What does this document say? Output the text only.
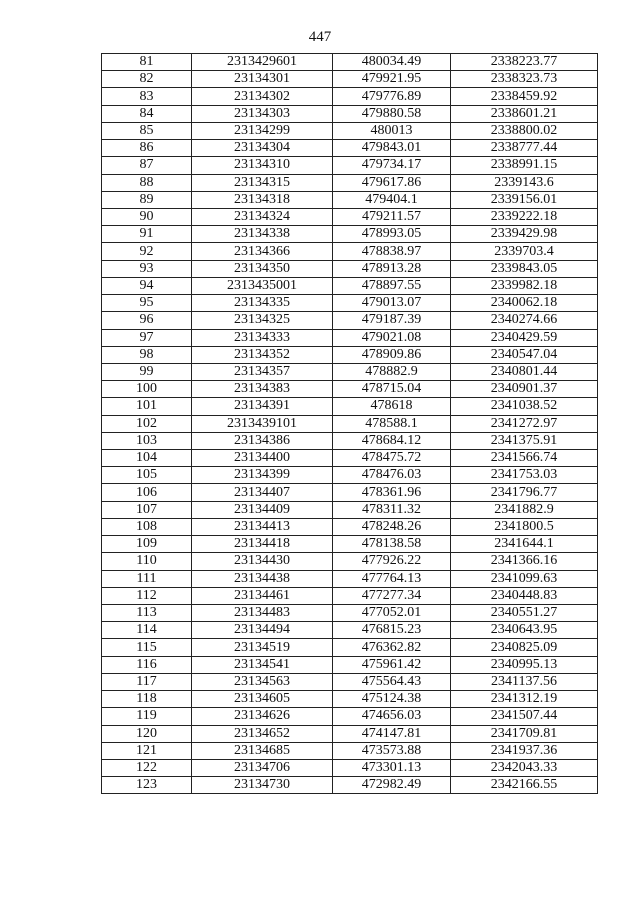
447
81	2313429601	480034.49	2338223.77
82	23134301	479921.95	2338323.73
83	23134302	479776.89	2338459.92
84	23134303	479880.58	2338601.21
85	23134299	480013	2338800.02
86	23134304	479843.01	2338777.44
87	23134310	479734.17	2338991.15
88	23134315	479617.86	2339143.6
89	23134318	479404.1	2339156.01
90	23134324	479211.57	2339222.18
91	23134338	478993.05	2339429.98
92	23134366	478838.97	2339703.4
93	23134350	478913.28	2339843.05
94	2313435001	478897.55	2339982.18
95	23134335	479013.07	2340062.18
96	23134325	479187.39	2340274.66
97	23134333	479021.08	2340429.59
98	23134352	478909.86	2340547.04
99	23134357	478882.9	2340801.44
100	23134383	478715.04	2340901.37
101	23134391	478618	2341038.52
102	2313439101	478588.1	2341272.97
103	23134386	478684.12	2341375.91
104	23134400	478475.72	2341566.74
105	23134399	478476.03	2341753.03
106	23134407	478361.96	2341796.77
107	23134409	478311.32	2341882.9
108	23134413	478248.26	2341800.5
109	23134418	478138.58	2341644.1
110	23134430	477926.22	2341366.16
111	23134438	477764.13	2341099.63
112	23134461	477277.34	2340448.83
113	23134483	477052.01	2340551.27
114	23134494	476815.23	2340643.95
115	23134519	476362.82	2340825.09
116	23134541	475961.42	2340995.13
117	23134563	475564.43	2341137.56
118	23134605	475124.38	2341312.19
119	23134626	474656.03	2341507.44
120	23134652	474147.81	2341709.81
121	23134685	473573.88	2341937.36
122	23134706	473301.13	2342043.33
123	23134730	472982.49	2342166.55
